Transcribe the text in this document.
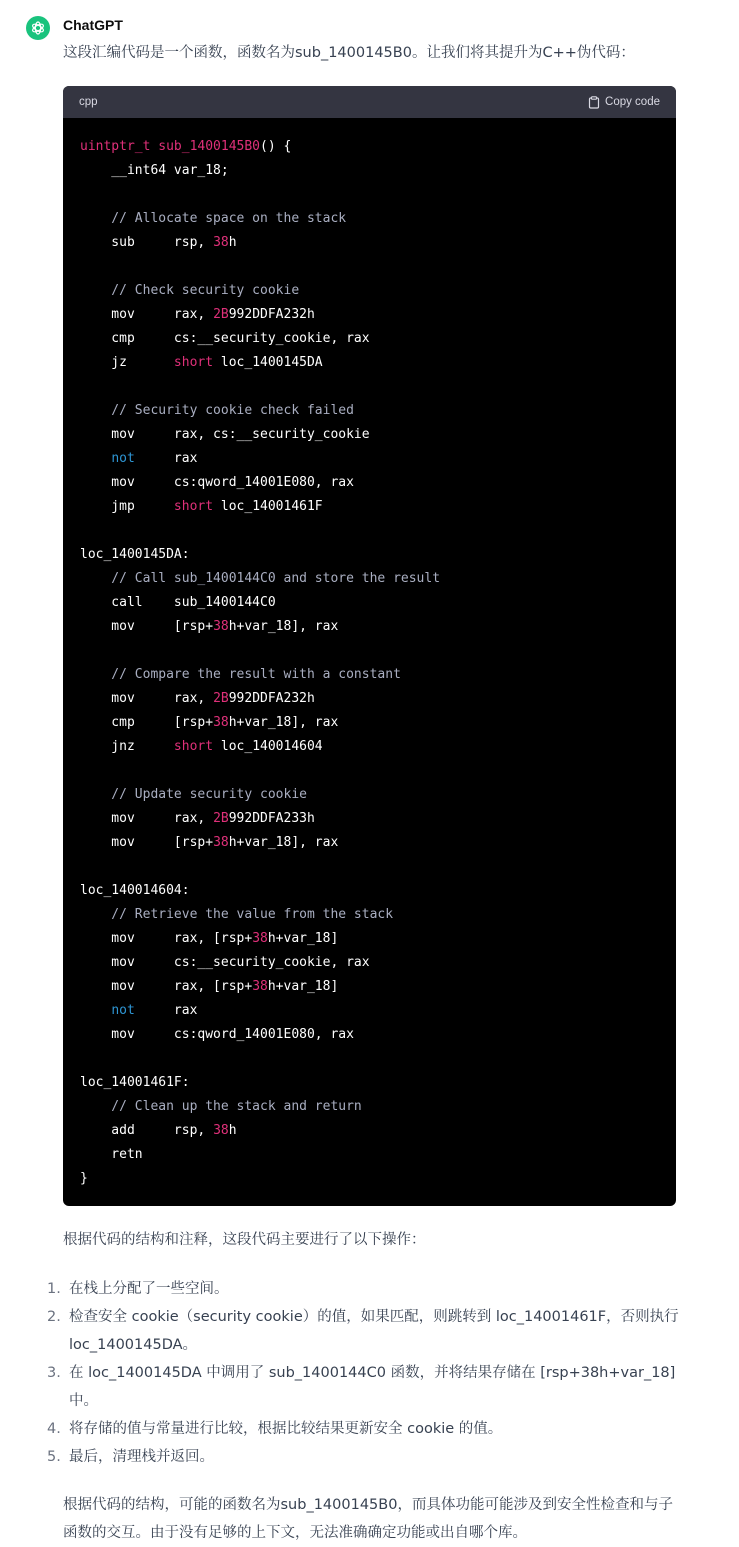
ChatGPT
这段汇编代码是一个函数，函数名为sub_1400145B0。让我们将其提升为C++伪代码：
cpp	Copy code
uintptr_t sub_1400145B0() {
__int64 var_18;
// Allocate space on the stack
sub     rsp, 38h
// Check security cookie
mov     rax, 2B992DDFA232h
cmp     cs:__security_cookie, rax
jz      short loc_1400145DA
// Security cookie check failed
mov     rax, cs:__security_cookie
not     rax
mov     cs:qword_14001E080, rax
jmp     short loc_14001461F
loc_1400145DA:
// Call sub_1400144C0 and store the result
call    sub_1400144C0
mov     [rsp+38h+var_18], rax
// Compare the result with a constant
mov     rax, 2B992DDFA232h
cmp     [rsp+38h+var_18], rax
jnz     short loc_140014604
// Update security cookie
mov     rax, 2B992DDFA233h
mov     [rsp+38h+var_18], rax
loc_140014604:
// Retrieve the value from the stack
mov     rax, [rsp+38h+var_18]
mov     cs:__security_cookie, rax
mov     rax, [rsp+38h+var_18]
not     rax
mov     cs:qword_14001E080, rax
loc_14001461F:
// Clean up the stack and return
add     rsp, 38h
retn
}
根据代码的结构和注释，这段代码主要进行了以下操作：
1. 在栈上分配了一些空间。
2. 检查安全 cookie（security cookie）的值，如果匹配，则跳转到 loc_14001461F，否则执行 loc_1400145DA。
3. 在 loc_1400145DA 中调用了 sub_1400144C0 函数，并将结果存储在 [rsp+38h+var_18] 中。
4. 将存储的值与常量进行比较，根据比较结果更新安全 cookie 的值。
5. 最后，清理栈并返回。
根据代码的结构，可能的函数名为sub_1400145B0，而具体功能可能涉及到安全性检查和与子函数的交互。由于没有足够的上下文，无法准确确定功能或出自哪个库。
